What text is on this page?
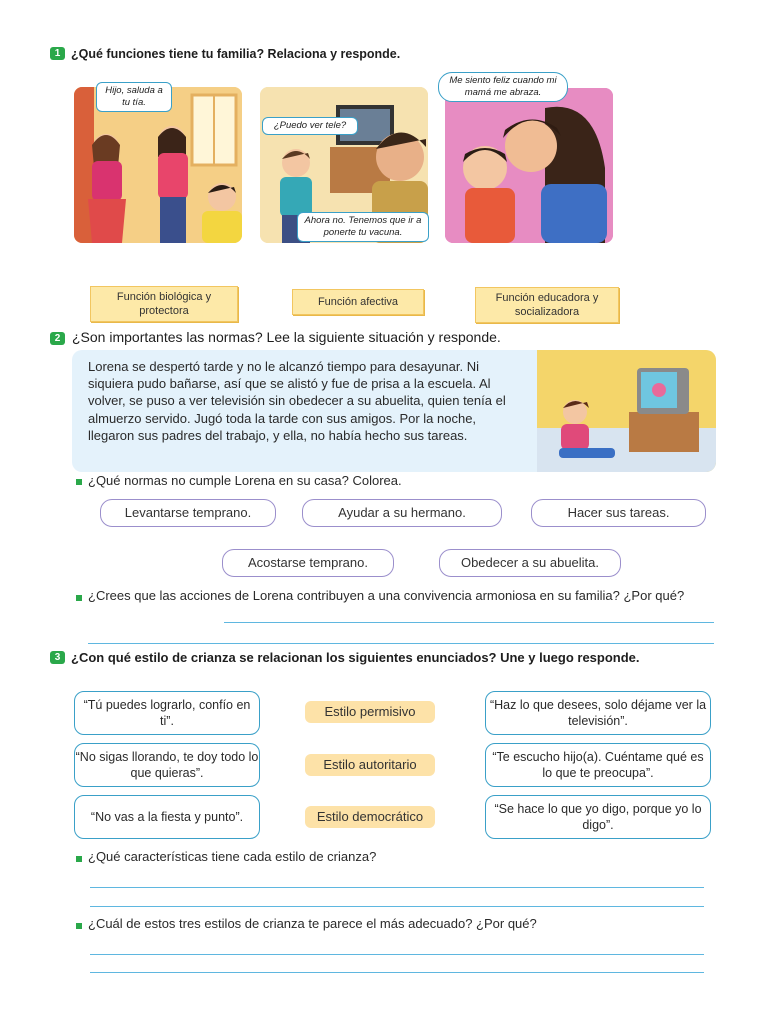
1 ¿Qué funciones tiene tu familia? Relaciona y responde.
Hijo, saluda a tu tía.
¿Puedo ver tele?
Ahora no. Tenemos que ir a ponerte tu vacuna.
Me siento feliz cuando mi mamá me abraza.
Función biológica y protectora
Función afectiva	Función educadora y socializadora
2 ¿Son importantes las normas? Lee la siguiente situación y responde.
Lorena se despertó tarde y no le alcanzó tiempo para desayunar. Ni siquiera pudo bañarse, así que se alistó y fue de prisa a la escuela. Al volver, se puso a ver televisión sin obedecer a su abuelita, quien tenía el almuerzo servido. Jugó toda la tarde con sus amigos. Por la noche, llegaron sus padres del trabajo, y ella, no había hecho sus tareas.
¿Qué normas no cumple Lorena en su casa? Colorea.
Levantarse temprano.	Ayudar a su hermano.	Hacer sus tareas.
Acostarse temprano.	Obedecer a su abuelita.
¿Crees que las acciones de Lorena contribuyen a una convivencia armoniosa en su familia? ¿Por qué?
3 ¿Con qué estilo de crianza se relacionan los siguientes enunciados? Une y luego responde.
“Tú puedes lograrlo, confío en ti”.
“No sigas llorando, te doy todo lo que quieras”.
“No vas a la fiesta y punto”.
Estilo permisivo
Estilo autoritario
Estilo democrático
“Haz lo que desees, solo déjame ver la televisión”.
“Te escucho hijo(a). Cuéntame qué es lo que te preocupa”.
“Se hace lo que yo digo, porque yo lo digo”.
¿Qué características tiene cada estilo de crianza?
¿Cuál de estos tres estilos de crianza te parece el más adecuado? ¿Por qué?
